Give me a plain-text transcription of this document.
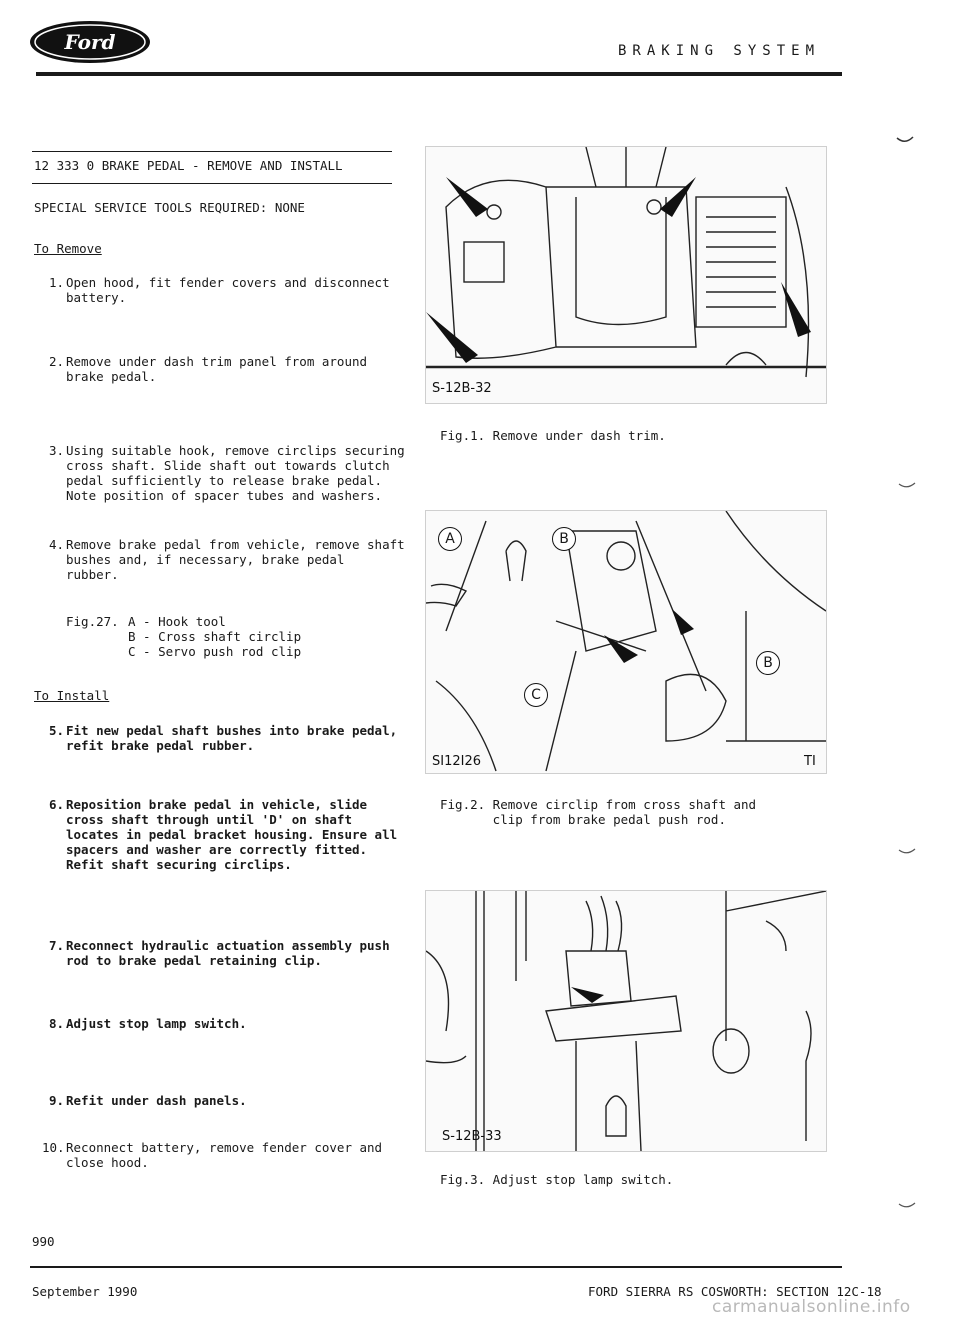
Ford	BRAKING SYSTEM
12 333 0 BRAKE PEDAL - REMOVE AND INSTALL
SPECIAL SERVICE TOOLS REQUIRED: NONE
To Remove
1. Open hood, fit fender covers and disconnect
battery.
2. Remove under dash trim panel from around
brake pedal.
3. Using suitable hook, remove circlips securing
cross shaft. Slide shaft out towards clutch
pedal sufficiently to release brake pedal.
Note position of spacer tubes and washers.
4. Remove brake pedal from vehicle, remove shaft
bushes and, if necessary, brake pedal
rubber.
Fig.27. A - Hook tool
B - Cross shaft circlip
C - Servo push rod clip
To Install
5. Fit new pedal shaft bushes into brake pedal,
refit brake pedal rubber.
6. Reposition brake pedal in vehicle, slide
cross shaft through until 'D' on shaft
locates in pedal bracket housing. Ensure all
spacers and washer are correctly fitted.
Refit shaft securing circlips.
7. Reconnect hydraulic actuation assembly push
rod to brake pedal retaining clip.
8. Adjust stop lamp switch.
9. Refit under dash panels.
10. Reconnect battery, remove fender cover and
close hood.
S-12B-32
Fig.1. Remove under dash trim.
A	B
B
C
SI12I26	TI
Fig.2. Remove circlip from cross shaft and
clip from brake pedal push rod.
S-12B-33
Fig.3. Adjust stop lamp switch.
990
September 1990	FORD SIERRA RS COSWORTH: SECTION 12C-18
carmanualsonline.info
